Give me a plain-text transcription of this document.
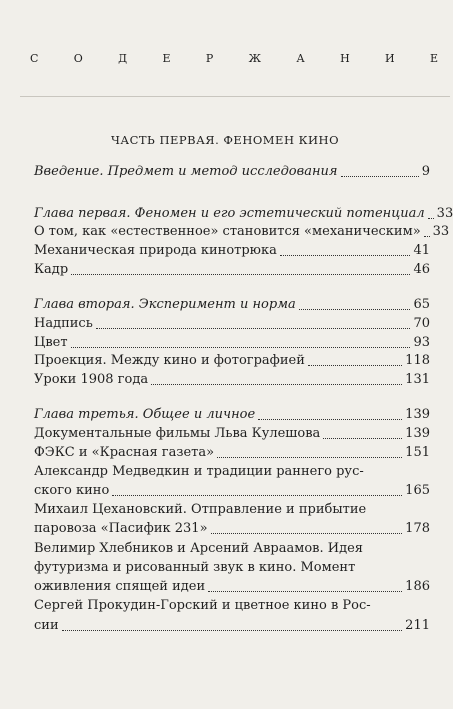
С	О	Д	Е	Р	Ж	А	Н	И	Е
ЧАСТЬ ПЕРВАЯ. ФЕНОМЕН КИНО
Введение. Предмет и метод исследования	9
Глава первая. Феномен и его эстетический потенциал 33
О том, как «естественное» становится «механическим» 33
Механическая природа кинотрюка	41
Кадр	46
Глава вторая. Эксперимент и норма	65
Надпись	70
Цвет	93
Проекция. Между кино и фотографией	118
Уроки 1908 года	131
Глава третья. Общее и личное	139
Документальные фильмы Льва Кулешова	139
ФЭКС и «Красная газета»	151
Александр Медведкин и традиции раннего рус-
ского кино	165
Михаил Цехановский. Отправление и прибытие
паровоза «Пасифик 231»	178
Велимир Хлебников и Арсений Авраамов. Идея
футуризма и рисованный звук в кино. Момент
оживления спящей идеи	186
Сергей Прокудин-Горский и цветное кино в Рос-
сии	211
